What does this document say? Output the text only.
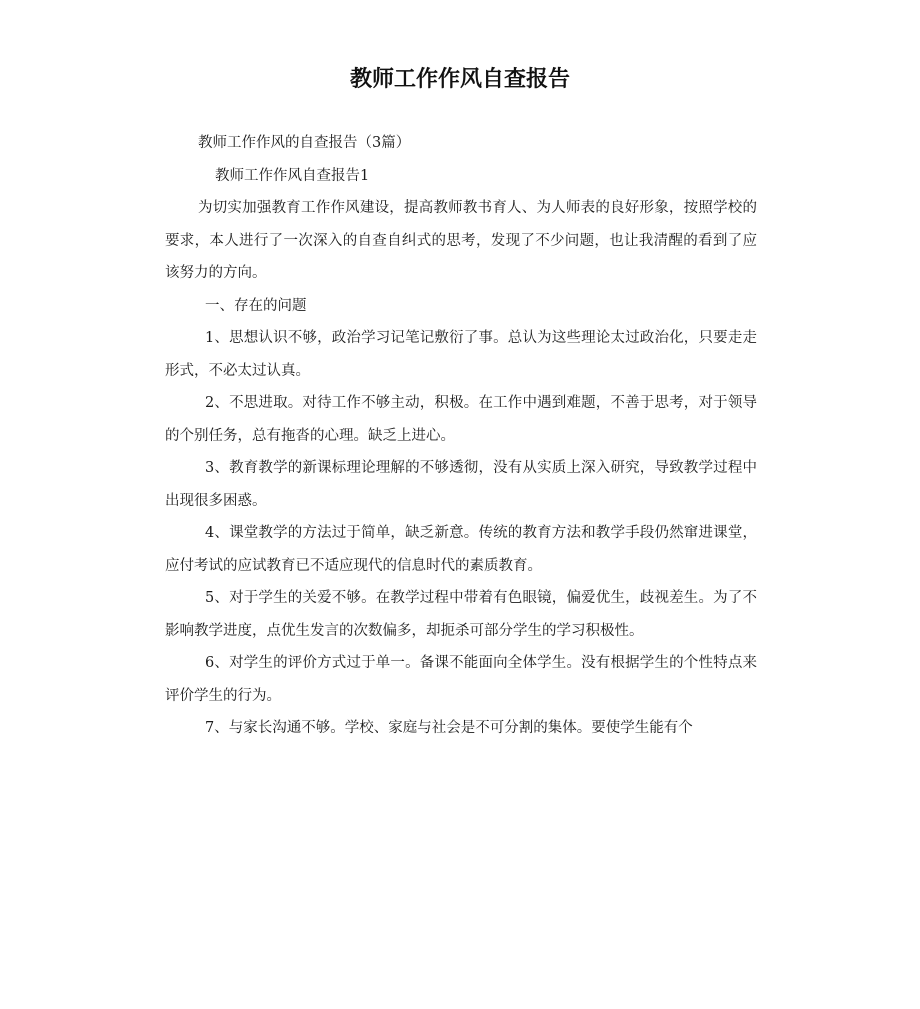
教师工作作风自查报告

教师工作作风的自查报告（3篇）

教师工作作风自查报告1

为切实加强教育工作作风建设，提高教师教书育人、为人师表的良好形象，按照学校的要求，本人进行了一次深入的自查自纠式的思考，发现了不少问题，也让我清醒的看到了应该努力的方向。

一、存在的问题

1、思想认识不够，政治学习记笔记敷衍了事。总认为这些理论太过政治化，只要走走形式，不必太过认真。

2、不思进取。对待工作不够主动，积极。在工作中遇到难题，不善于思考，对于领导的个别任务，总有拖沓的心理。缺乏上进心。

3、教育教学的新课标理论理解的不够透彻，没有从实质上深入研究，导致教学过程中出现很多困惑。

4、课堂教学的方法过于简单，缺乏新意。传统的教育方法和教学手段仍然窜进课堂，应付考试的应试教育已不适应现代的信息时代的素质教育。

5、对于学生的关爱不够。在教学过程中带着有色眼镜，偏爱优生，歧视差生。为了不影响教学进度，点优生发言的次数偏多，却扼杀可部分学生的学习积极性。

6、对学生的评价方式过于单一。备课不能面向全体学生。没有根据学生的个性特点来评价学生的行为。

7、与家长沟通不够。学校、家庭与社会是不可分割的集体。要使学生能有个
